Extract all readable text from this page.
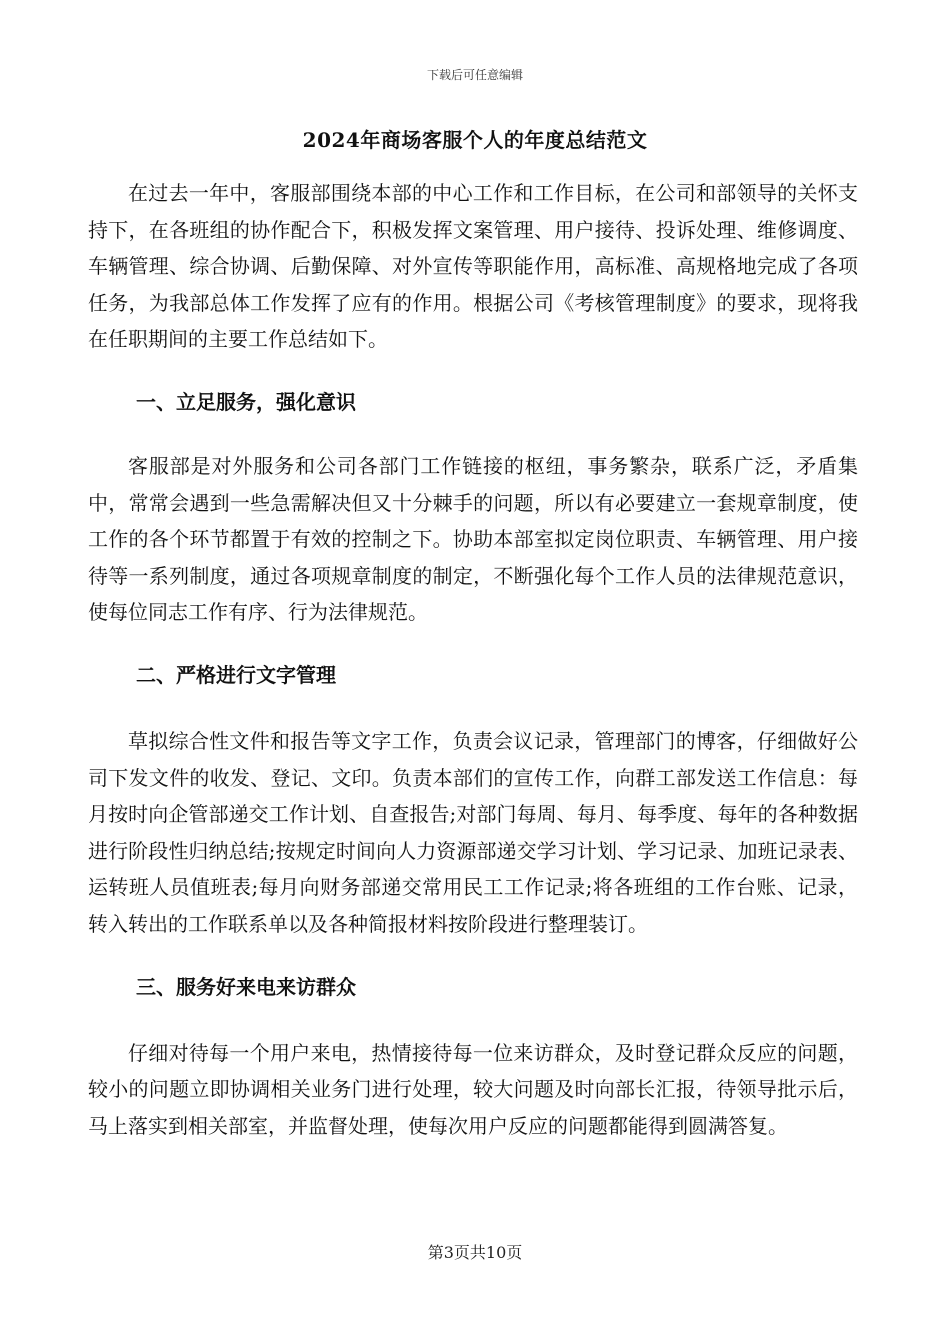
下载后可任意编辑
2024年商场客服个人的年度总结范文

在过去一年中，客服部围绕本部的中心工作和工作目标，在公司和部领导的关怀支持下，在各班组的协作配合下，积极发挥文案管理、用户接待、投诉处理、维修调度、车辆管理、综合协调、后勤保障、对外宣传等职能作用，高标准、高规格地完成了各项任务，为我部总体工作发挥了应有的作用。根据公司《考核管理制度》的要求，现将我在任职期间的主要工作总结如下。

一、立足服务，强化意识

客服部是对外服务和公司各部门工作链接的枢纽，事务繁杂，联系广泛，矛盾集中，常常会遇到一些急需解决但又十分棘手的问题，所以有必要建立一套规章制度，使工作的各个环节都置于有效的控制之下。协助本部室拟定岗位职责、车辆管理、用户接待等一系列制度，通过各项规章制度的制定，不断强化每个工作人员的法律规范意识，使每位同志工作有序、行为法律规范。

二、严格进行文字管理

草拟综合性文件和报告等文字工作，负责会议记录，管理部门的博客，仔细做好公司下发文件的收发、登记、文印。负责本部们的宣传工作，向群工部发送工作信息：每月按时向企管部递交工作计划、自查报告;对部门每周、每月、每季度、每年的各种数据进行阶段性归纳总结;按规定时间向人力资源部递交学习计划、学习记录、加班记录表、运转班人员值班表;每月向财务部递交常用民工工作记录;将各班组的工作台账、记录，转入转出的工作联系单以及各种简报材料按阶段进行整理装订。

三、服务好来电来访群众

仔细对待每一个用户来电，热情接待每一位来访群众，及时登记群众反应的问题，较小的问题立即协调相关业务门进行处理，较大问题及时向部长汇报，待领导批示后，马上落实到相关部室，并监督处理，使每次用户反应的问题都能得到圆满答复。

第3页共10页
